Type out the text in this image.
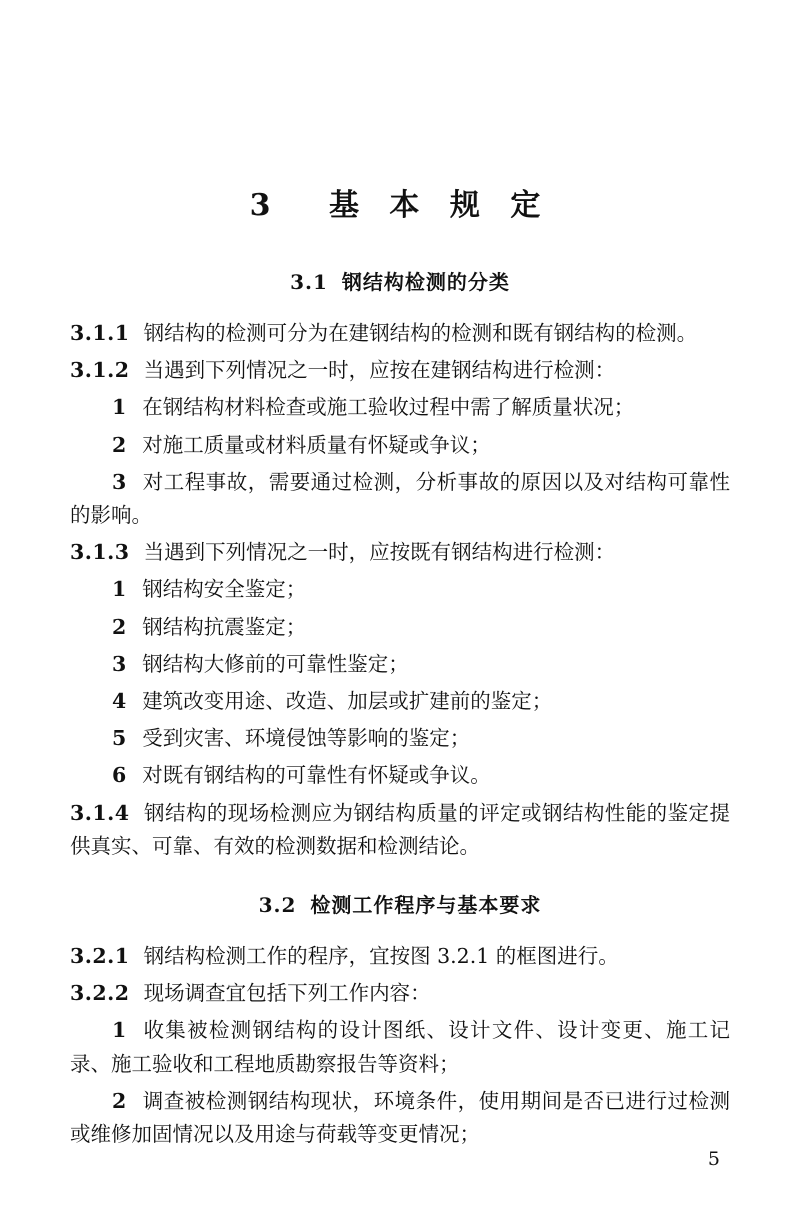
3 基 本 规 定
3.1 钢结构检测的分类

3.1.1 钢结构的检测可分为在建钢结构的检测和既有钢结构的检测。

3.1.2 当遇到下列情况之一时，应按在建钢结构进行检测：

1 在钢结构材料检查或施工验收过程中需了解质量状况；

2 对施工质量或材料质量有怀疑或争议；

3 对工程事故，需要通过检测，分析事故的原因以及对结构可靠性的影响。

3.1.3 当遇到下列情况之一时，应按既有钢结构进行检测：

1 钢结构安全鉴定；

2 钢结构抗震鉴定；

3 钢结构大修前的可靠性鉴定；

4 建筑改变用途、改造、加层或扩建前的鉴定；

5 受到灾害、环境侵蚀等影响的鉴定；

6 对既有钢结构的可靠性有怀疑或争议。

3.1.4 钢结构的现场检测应为钢结构质量的评定或钢结构性能的鉴定提供真实、可靠、有效的检测数据和检测结论。

3.2 检测工作程序与基本要求

3.2.1 钢结构检测工作的程序，宜按图 3.2.1 的框图进行。

3.2.2 现场调查宜包括下列工作内容：

1 收集被检测钢结构的设计图纸、设计文件、设计变更、施工记录、施工验收和工程地质勘察报告等资料；

2 调查被检测钢结构现状，环境条件，使用期间是否已进行过检测或维修加固情况以及用途与荷载等变更情况；

5
